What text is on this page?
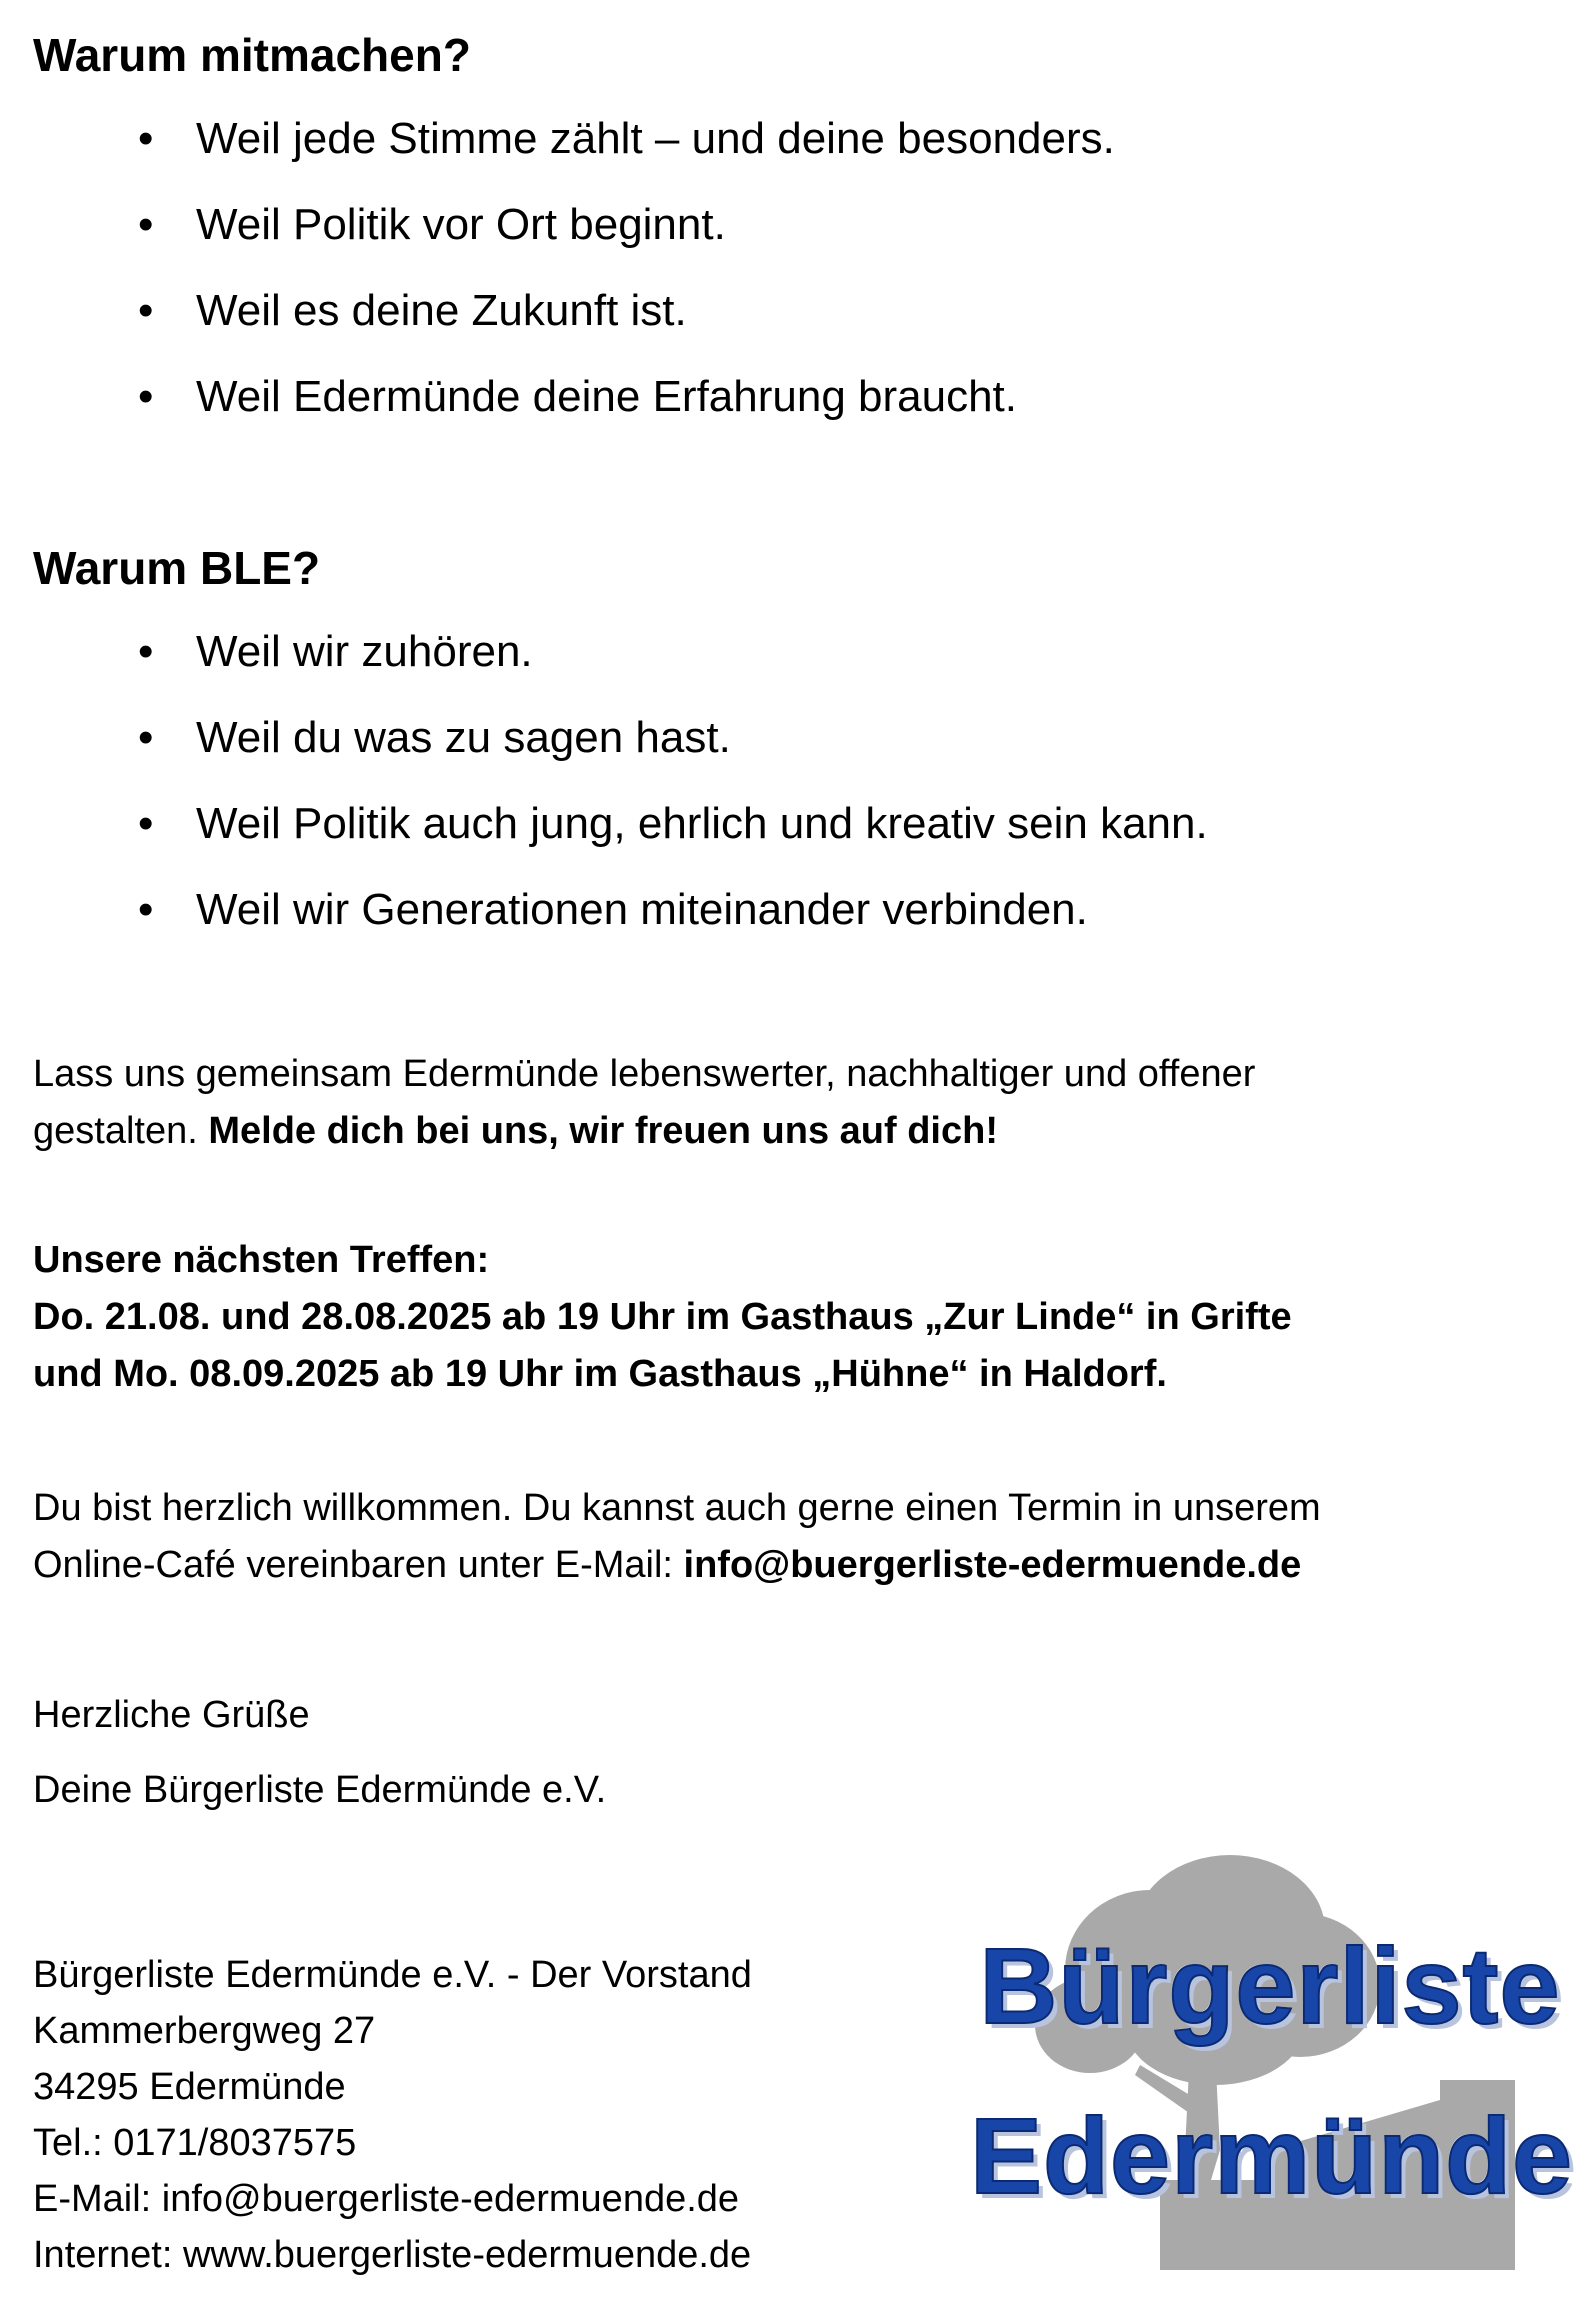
Warum mitmachen?
• Weil jede Stimme zählt – und deine besonders.
• Weil Politik vor Ort beginnt.
• Weil es deine Zukunft ist.
• Weil Edermünde deine Erfahrung braucht.
Warum BLE?
• Weil wir zuhören.
• Weil du was zu sagen hast.
• Weil Politik auch jung, ehrlich und kreativ sein kann.
• Weil wir Generationen miteinander verbinden.
Lass uns gemeinsam Edermünde lebenswerter, nachhaltiger und offener
gestalten. Melde dich bei uns, wir freuen uns auf dich!
Unsere nächsten Treffen:
Do. 21.08. und 28.08.2025 ab 19 Uhr im Gasthaus „Zur Linde“ in Grifte
und Mo. 08.09.2025 ab 19 Uhr im Gasthaus „Hühne“ in Haldorf.
Du bist herzlich willkommen. Du kannst auch gerne einen Termin in unserem
Online-Café vereinbaren unter E-Mail: info@buergerliste-edermuende.de

Herzliche Grüße

Deine Bürgerliste Edermünde e.V.

Bürgerliste Edermünde e.V. - Der Vorstand
Kammerbergweg 27
34295 Edermünde
Tel.: 0171/8037575
E-Mail: info@buergerliste-edermuende.de
Internet: www.buergerliste-edermuende.de
Bürgerliste
Edermünde
